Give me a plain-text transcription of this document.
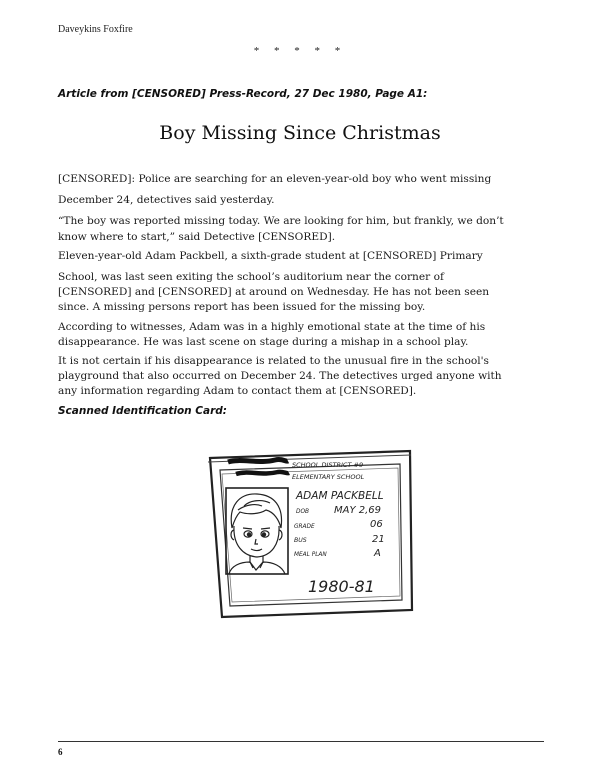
Daveykins Foxfire
* * * * *
Article from [CENSORED] Press-Record, 27 Dec 1980, Page A1:
Boy Missing Since Christmas

[CENSORED]: Police are searching for an eleven-year-old boy who went missing

December 24, detectives said yesterday.

“The boy was reported missing today. We are looking for him, but frankly, we don’t
know where to start,” said Detective [CENSORED].

Eleven-year-old Adam Packbell, a sixth-grade student at [CENSORED] Primary

School, was last seen exiting the school’s auditorium near the corner of
[CENSORED] and [CENSORED] at around on Wednesday. He has not been seen
since. A missing persons report has been issued for the missing boy.

According to witnesses, Adam was in a highly emotional state at the time of his
disappearance. He was last scene on stage during a mishap in a school play.

It is not certain if his disappearance is related to the unusual fire in the school's
playground that also occurred on December 24. The detectives urged anyone with
any information regarding Adam to contact them at [CENSORED].

Scanned Identification Card:
SCHOOL DISTRICT #9
ELEMENTARY SCHOOL
ADAM PACKBELL
DOB MAY 2,69
GRADE	06
BUS	21
MEAL PLAN	A
1980-81
6
